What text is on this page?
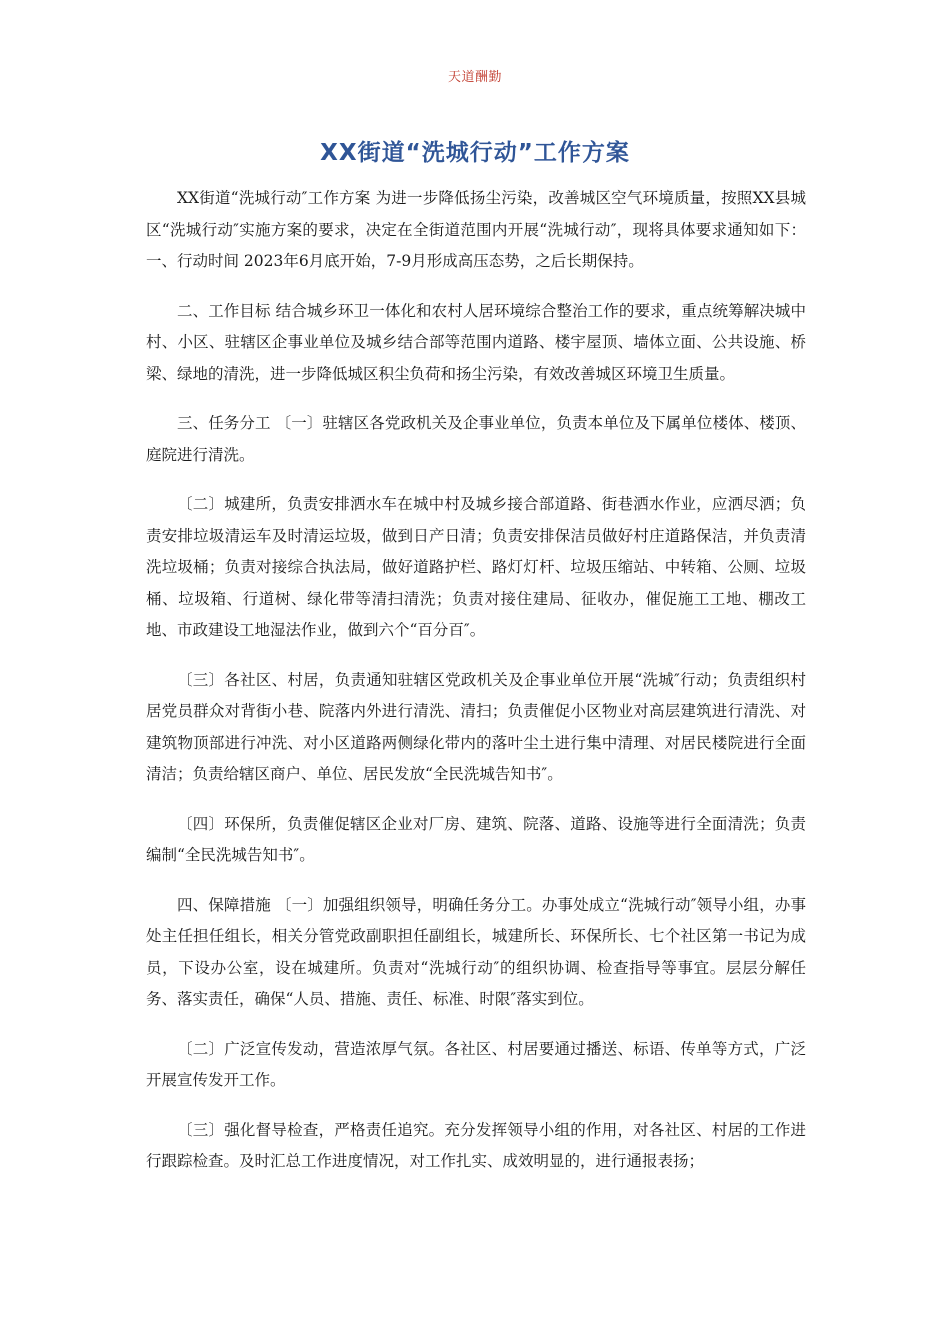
天道酬勤
XX街道“洗城行动”工作方案

XX街道“洗城行动″工作方案 为进一步降低扬尘污染，改善城区空气环境质量，按照XX县城区“洗城行动″实施方案的要求，决定在全街道范围内开展“洗城行动″，现将具体要求通知如下：一、行动时间 2023年6月底开始，7-9月形成高压态势，之后长期保持。

二、工作目标 结合城乡环卫一体化和农村人居环境综合整治工作的要求，重点统筹解决城中村、小区、驻辖区企事业单位及城乡结合部等范围内道路、楼宇屋顶、墙体立面、公共设施、桥梁、绿地的清洗，进一步降低城区积尘负荷和扬尘污染，有效改善城区环境卫生质量。

三、任务分工 〔一〕驻辖区各党政机关及企事业单位，负责本单位及下属单位楼体、楼顶、庭院进行清洗。

〔二〕城建所，负责安排洒水车在城中村及城乡接合部道路、街巷洒水作业，应洒尽洒；负责安排垃圾清运车及时清运垃圾，做到日产日清；负责安排保洁员做好村庄道路保洁，并负责清洗垃圾桶；负责对接综合执法局，做好道路护栏、路灯灯杆、垃圾压缩站、中转箱、公厕、垃圾桶、垃圾箱、行道树、绿化带等清扫清洗；负责对接住建局、征收办，催促施工工地、棚改工地、市政建设工地湿法作业，做到六个“百分百″。

〔三〕各社区、村居，负责通知驻辖区党政机关及企事业单位开展“洗城″行动；负责组织村居党员群众对背街小巷、院落内外进行清洗、清扫；负责催促小区物业对高层建筑进行清洗、对建筑物顶部进行冲洗、对小区道路两侧绿化带内的落叶尘土进行集中清理、对居民楼院进行全面清洁；负责给辖区商户、单位、居民发放“全民洗城告知书″。

〔四〕环保所，负责催促辖区企业对厂房、建筑、院落、道路、设施等进行全面清洗；负责编制“全民洗城告知书″。

四、保障措施 〔一〕加强组织领导，明确任务分工。办事处成立“洗城行动″领导小组，办事处主任担任组长，相关分管党政副职担任副组长，城建所长、环保所长、七个社区第一书记为成员，下设办公室，设在城建所。负责对“洗城行动″的组织协调、检查指导等事宜。层层分解任务、落实责任，确保“人员、措施、责任、标准、时限″落实到位。

〔二〕广泛宣传发动，营造浓厚气氛。各社区、村居要通过播送、标语、传单等方式，广泛开展宣传发开工作。

〔三〕强化督导检查，严格责任追究。充分发挥领导小组的作用，对各社区、村居的工作进行跟踪检查。及时汇总工作进度情况，对工作扎实、成效明显的，进行通报表扬；
